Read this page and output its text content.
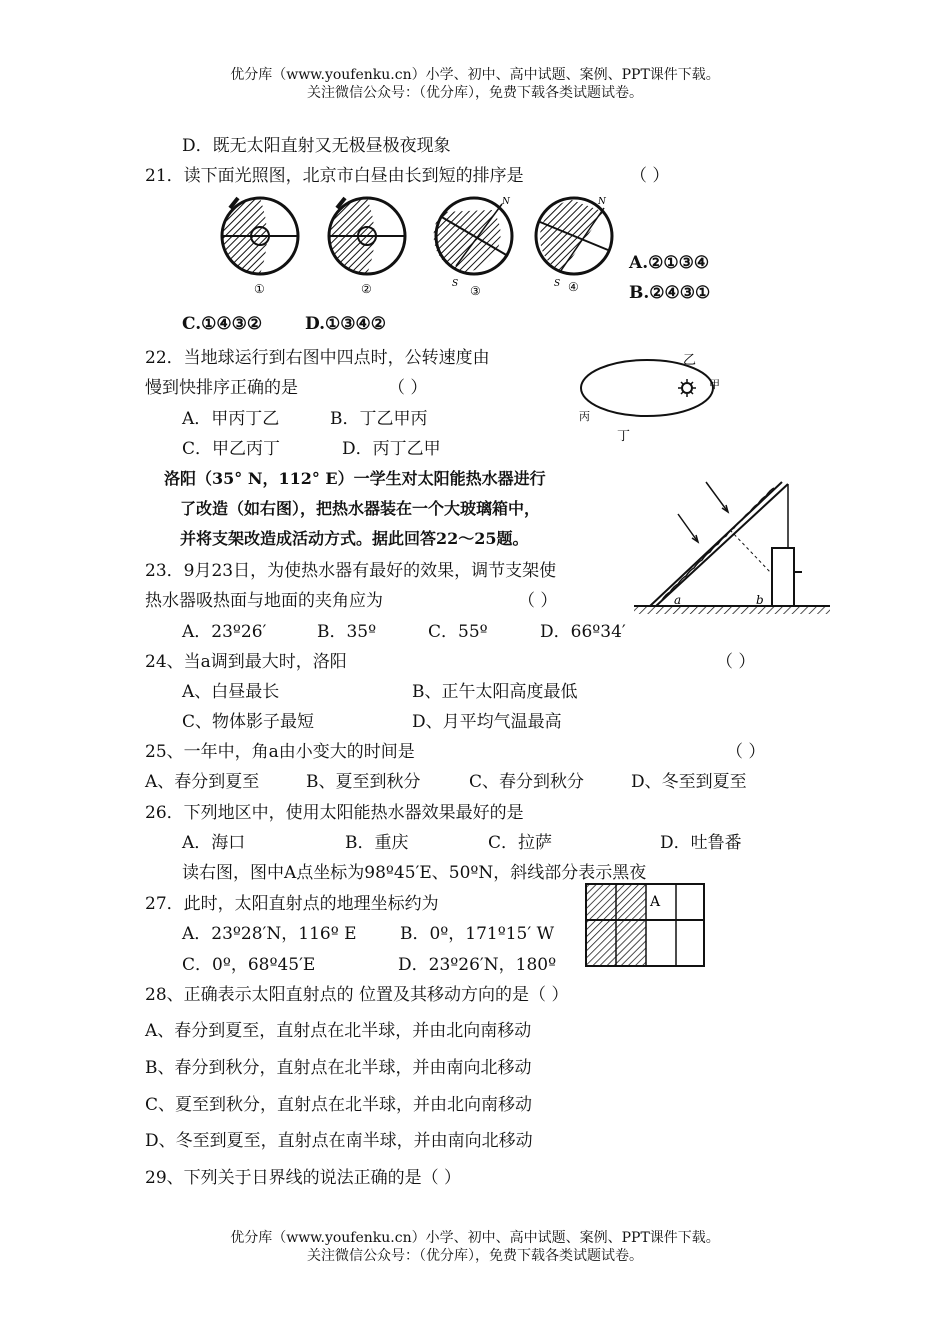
优分库（www.youfenku.cn）小学、初中、高中试题、案例、PPT课件下载。
关注微信公众号：（优分库），免费下载各类试题试卷。
D．既无太阳直射又无极昼极夜现象
21．读下面光照图，北京市白昼由长到短的排序是	（ ）
N
S
N
S
①	②	③	④
A.②①③④
B.②④③①
C.①④③②	D.①③④②
22．当地球运行到右图中四点时，公转速度由
慢到快排序正确的是	（ ）
A．甲丙丁乙	B．丁乙甲丙
C．甲乙丙丁	D．丙丁乙甲
乙
甲
丙
丁
洛阳（35° N，112° E）一学生对太阳能热水器进行
了改造（如右图），把热水器装在一个大玻璃箱中，
并将支架改造成活动方式。据此回答22～25题。
a	b
23．9月23日，为使热水器有最好的效果，调节支架使
热水器吸热面与地面的夹角应为	（ ）
A．23º26′	B．35º	C．55º	D．66º34′
24、当a调到最大时，洛阳	（ ）
A、白昼最长	B、正午太阳高度最低
C、物体影子最短	D、月平均气温最高
25、一年中，角a由小变大的时间是	（ ）
A、春分到夏至	B、夏至到秋分	C、春分到秋分	D、冬至到夏至
26．下列地区中，使用太阳能热水器效果最好的是
A．海口	B．重庆	C．拉萨	D．吐鲁番
读右图，图中A点坐标为98º45′E、50ºN，斜线部分表示黑夜
27．此时，太阳直射点的地理坐标约为
A．23º28′N，116º E	B．0º，171º15′ W
C．0º，68º45′E	D．23º26′N，180º
A
28、正确表示太阳直射点的 位置及其移动方向的是（ ）
A、春分到夏至，直射点在北半球，并由北向南移动
B、春分到秋分，直射点在北半球，并由南向北移动
C、夏至到秋分，直射点在北半球，并由北向南移动
D、冬至到夏至，直射点在南半球，并由南向北移动
29、下列关于日界线的说法正确的是（ ）
优分库（www.youfenku.cn）小学、初中、高中试题、案例、PPT课件下载。
关注微信公众号：（优分库），免费下载各类试题试卷。
